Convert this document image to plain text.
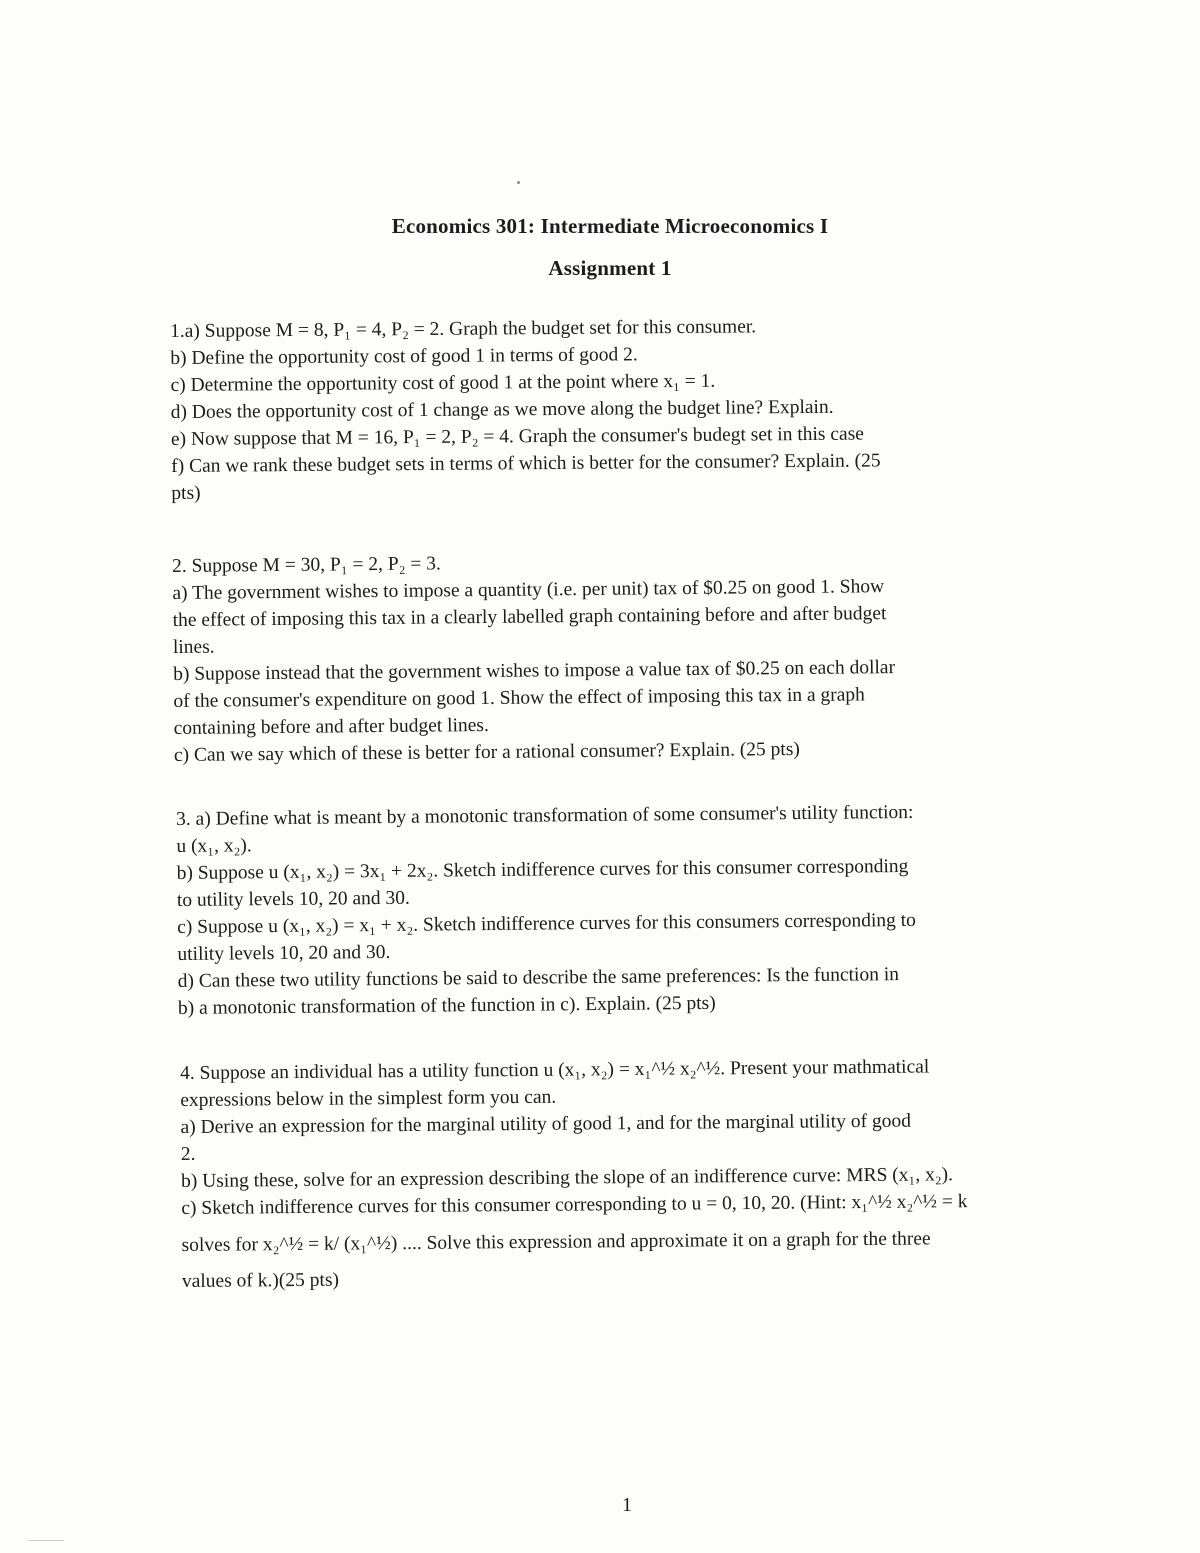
Economics 301: Intermediate Microeconomics I
Assignment 1
1.a) Suppose M = 8, P₁ = 4, P₂ = 2. Graph the budget set for this consumer.
b) Define the opportunity cost of good 1 in terms of good 2.
c) Determine the opportunity cost of good 1 at the point where x₁ = 1.
d) Does the opportunity cost of 1 change as we move along the budget line? Explain.
e) Now suppose that M = 16, P₁ = 2, P₂ = 4. Graph the consumer's budegt set in this case
f) Can we rank these budget sets in terms of which is better for the consumer? Explain. (25
pts)
2. Suppose M = 30, P₁ = 2, P₂ = 3.
a) The government wishes to impose a quantity (i.e. per unit) tax of $0.25 on good 1. Show
the effect of imposing this tax in a clearly labelled graph containing before and after budget
lines.
b) Suppose instead that the government wishes to impose a value tax of $0.25 on each dollar
of the consumer's expenditure on good 1. Show the effect of imposing this tax in a graph
containing before and after budget lines.
c) Can we say which of these is better for a rational consumer? Explain. (25 pts)
3. a) Define what is meant by a monotonic transformation of some consumer's utility function:
u (x₁, x₂).
b) Suppose u (x₁, x₂) = 3x₁ + 2x₂. Sketch indifference curves for this consumer corresponding
to utility levels 10, 20 and 30.
c) Suppose u (x₁, x₂) = x₁ + x₂. Sketch indifference curves for this consumers corresponding to
utility levels 10, 20 and 30.
d) Can these two utility functions be said to describe the same preferences: Is the function in
b) a monotonic transformation of the function in c). Explain. (25 pts)
4. Suppose an individual has a utility function u (x₁, x₂) = x₁^½ x₂^½. Present your mathmatical
expressions below in the simplest form you can.
a) Derive an expression for the marginal utility of good 1, and for the marginal utility of good
2.
b) Using these, solve for an expression describing the slope of an indifference curve: MRS (x₁, x₂).
c) Sketch indifference curves for this consumer corresponding to u = 0, 10, 20. (Hint: x₁^½ x₂^½ = k
solves for x₂^½ = k/ (x₁^½) .... Solve this expression and approximate it on a graph for the three
values of k.)(25 pts)
1
